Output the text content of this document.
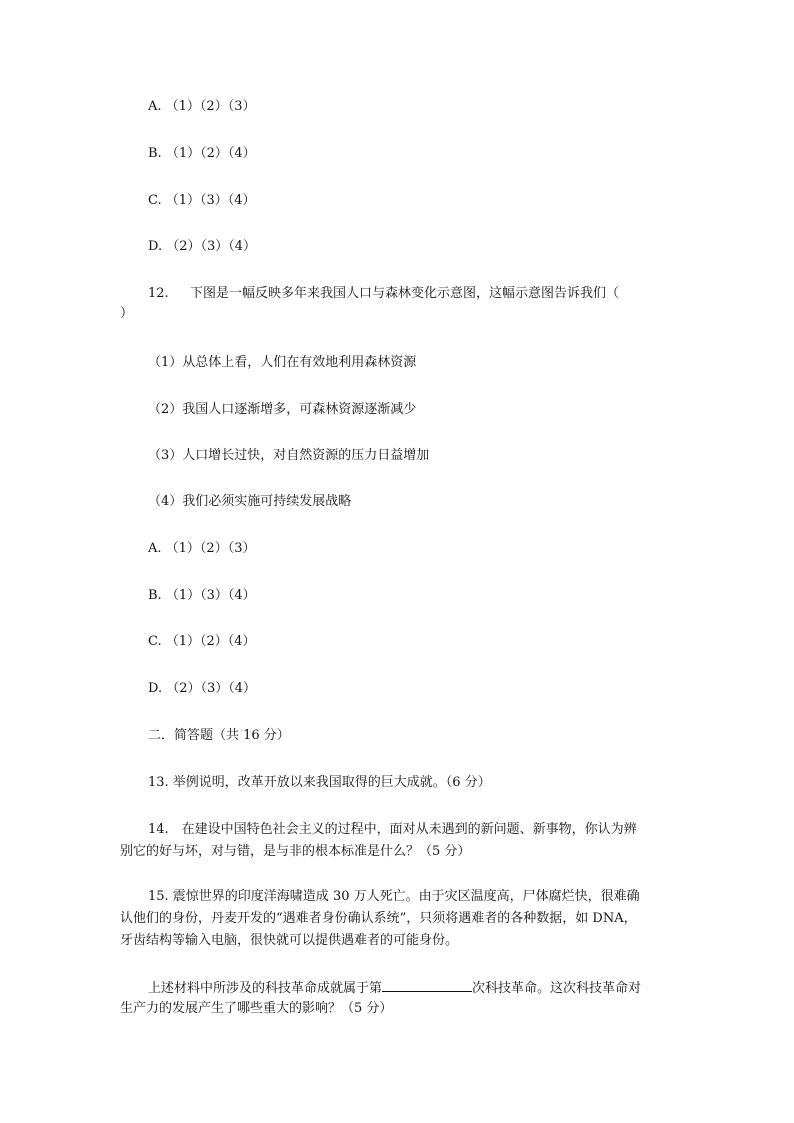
A. （1）（2）（3）
B. （1）（2）（4）
C. （1）（3）（4）
D. （2）（3）（4）
12. 下图是一幅反映多年来我国人口与森林变化示意图，这幅示意图告诉我们（
）
（1）从总体上看，人们在有效地利用森林资源
（2）我国人口逐渐增多，可森林资源逐渐减少
（3）人口增长过快，对自然资源的压力日益增加
（4）我们必须实施可持续发展战略
A. （1）（2）（3）
B. （1）（3）（4）
C. （1）（2）（4）
D. （2）（3）（4）
二．简答题（共 16 分）
13. 举例说明，改革开放以来我国取得的巨大成就。（6 分）
14.　在建设中国特色社会主义的过程中，面对从未遇到的新问题、新事物，你认为辨
别它的好与坏，对与错，是与非的根本标准是什么？（5 分）
15. 震惊世界的印度洋海啸造成 30 万人死亡。由于灾区温度高，尸体腐烂快，很难确
认他们的身份，丹麦开发的“遇难者身份确认系统”，只须将遇难者的各种数据，如 DNA，
牙齿结构等输入电脑，很快就可以提供遇难者的可能身份。
上述材料中所涉及的科技革命成就属于第	次科技革命。这次科技革命对
生产力的发展产生了哪些重大的影响？（5 分）
